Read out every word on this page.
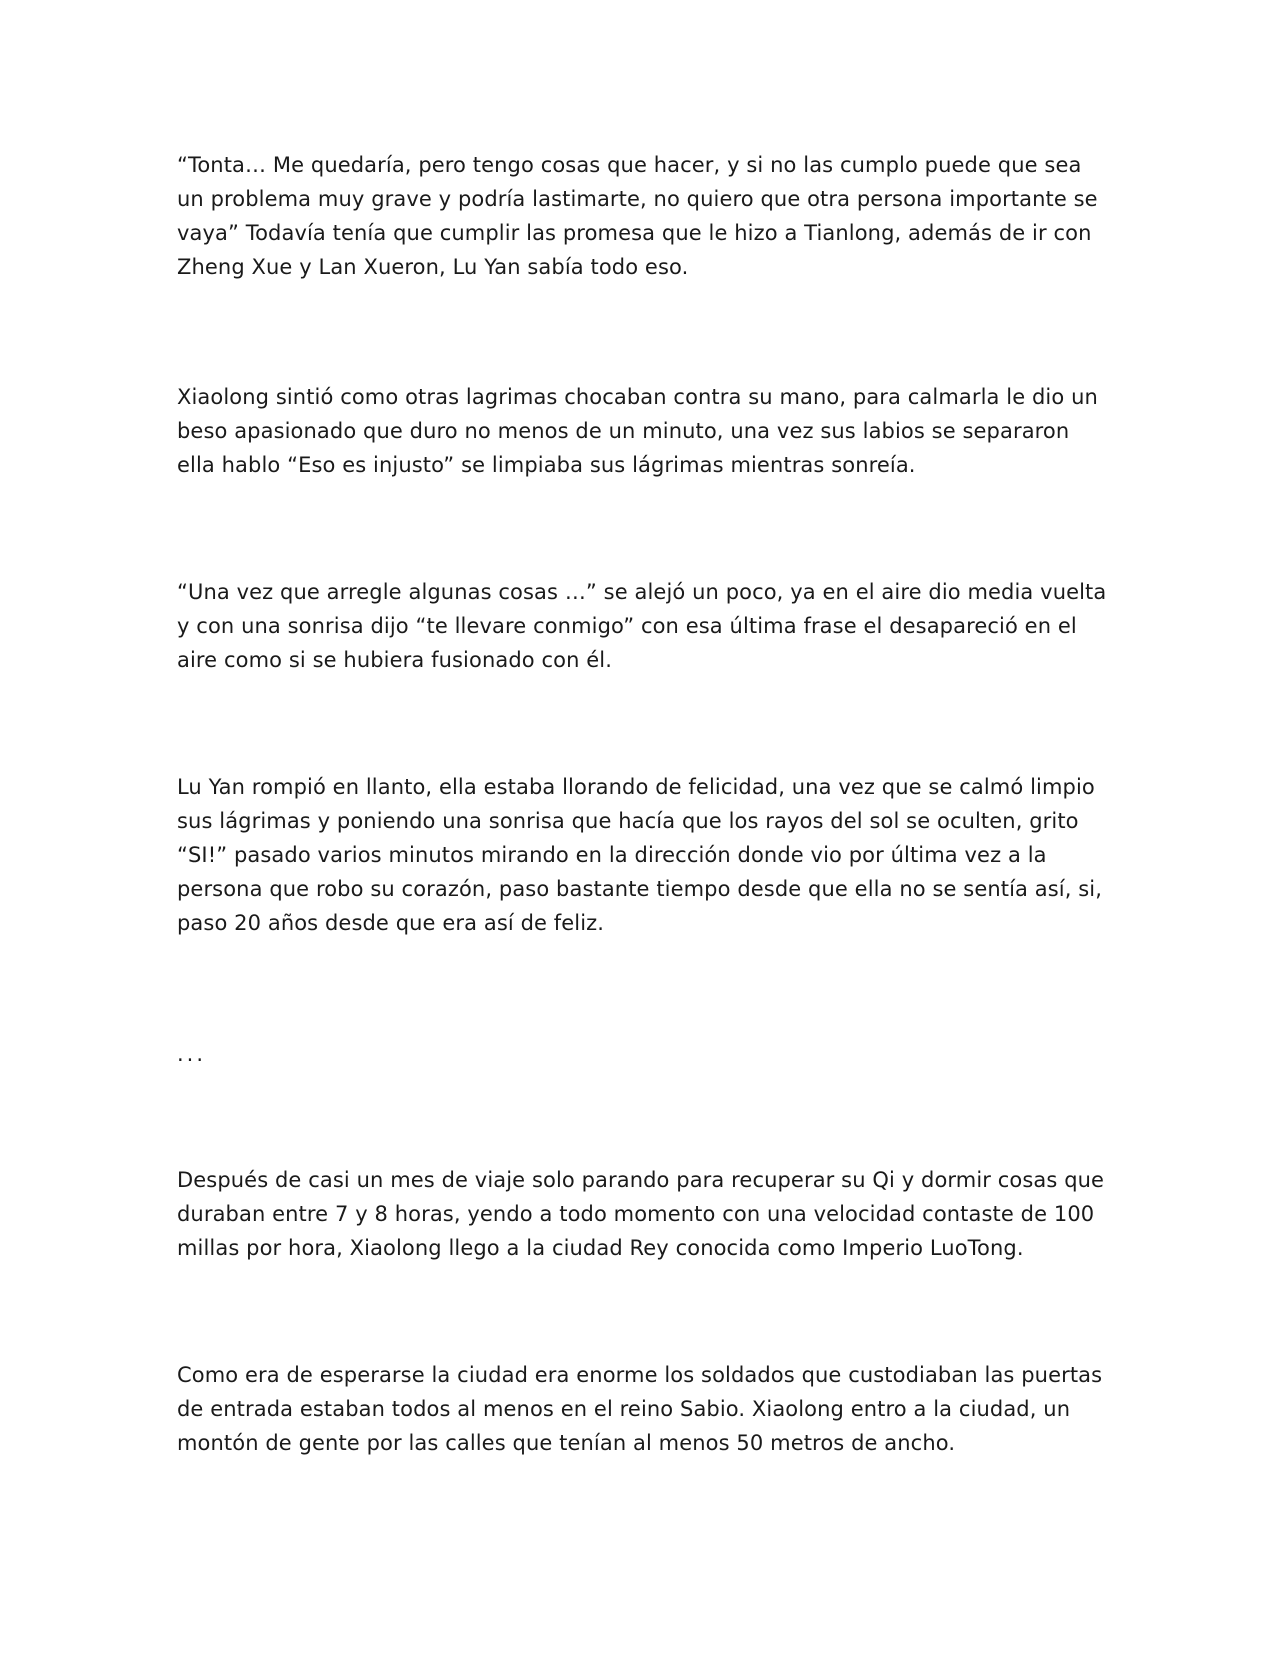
“Tonta… Me quedaría, pero tengo cosas que hacer, y si no las cumplo puede que sea un problema muy grave y podría lastimarte, no quiero que otra persona importante se vaya” Todavía tenía que cumplir las promesa que le hizo a Tianlong, además de ir con Zheng Xue y Lan Xueron, Lu Yan sabía todo eso.

Xiaolong sintió como otras lagrimas chocaban contra su mano, para calmarla le dio un beso apasionado que duro no menos de un minuto, una vez sus labios se separaron ella hablo “Eso es injusto” se limpiaba sus lágrimas mientras sonreía.

“Una vez que arregle algunas cosas …” se alejó un poco, ya en el aire dio media vuelta y con una sonrisa dijo “te llevare conmigo” con esa última frase el desapareció en el aire como si se hubiera fusionado con él.

Lu Yan rompió en llanto, ella estaba llorando de felicidad, una vez que se calmó limpio sus lágrimas y poniendo una sonrisa que hacía que los rayos del sol se oculten, grito “SI!” pasado varios minutos mirando en la dirección donde vio por última vez a la persona que robo su corazón, paso bastante tiempo desde que ella no se sentía así, si, paso 20 años desde que era así de feliz.

...

Después de casi un mes de viaje solo parando para recuperar su Qi y dormir cosas que duraban entre 7 y 8 horas, yendo a todo momento con una velocidad contaste de 100 millas por hora, Xiaolong llego a la ciudad Rey conocida como Imperio LuoTong.

Como era de esperarse la ciudad era enorme los soldados que custodiaban las puertas de entrada estaban todos al menos en el reino Sabio. Xiaolong entro a la ciudad, un montón de gente por las calles que tenían al menos 50 metros de ancho.
